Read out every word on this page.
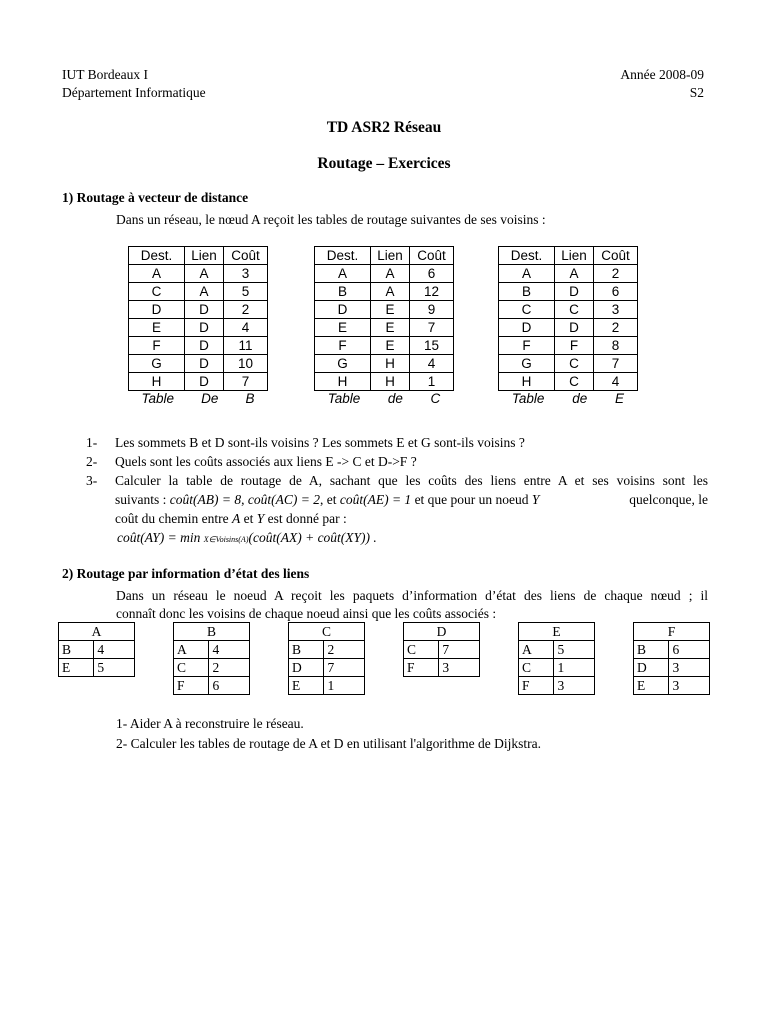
IUT Bordeaux I
Département Informatique
Année 2008-09
S2
TD ASR2 Réseau
Routage – Exercices
1) Routage à vecteur de distance
Dans un réseau, le nœud A reçoit les tables de routage suivantes de ses voisins :
Dest.	Lien	Coût
A	A	3
C	A	5
D	D	2
E	D	4
F	D	11
G	D	10
H	D	7
Table De B
Dest.	Lien	Coût
A	A	6
B	A	12
D	E	9
E	E	7
F	E	15
G	H	4
H	H	1
Table de C
Dest.	Lien	Coût
A	A	2
B	D	6
C	C	3
D	D	2
F	F	8
G	C	7
H	C	4
Table de E
1- Les sommets B et D sont-ils voisins ? Les sommets E et G sont-ils voisins ?
2- Quels sont les coûts associés aux liens E -> C et D->F ?
3-	Calculer la table de routage de A, sachant que les coûts des liens entre A et ses voisins sont les
suivants : coût(AB) = 8, coût(AC) = 2, et coût(AE) = 1 et que pour un noeud Y	quelconque, le
coût du chemin entre A et Y est donné par :
coût(AY) = min X∈Voisins(A)(coût(AX) + coût(XY)) .
2) Routage par information d’état des liens
Dans un réseau le noeud A reçoit les paquets d’information d’état des liens de chaque nœud ; il
connaît donc les voisins de chaque noeud ainsi que les coûts associés :
A	
B	4
E	5
B	
A	4
C	2
F	6
C	
B	2
D	7
E	1
D	
C	7
F	3
E	
A	5
C	1
F	3
F	
B	6
D	3
E	3
1- Aider A à reconstruire le réseau.
2- Calculer les tables de routage de A et D en utilisant l'algorithme de Dijkstra.
